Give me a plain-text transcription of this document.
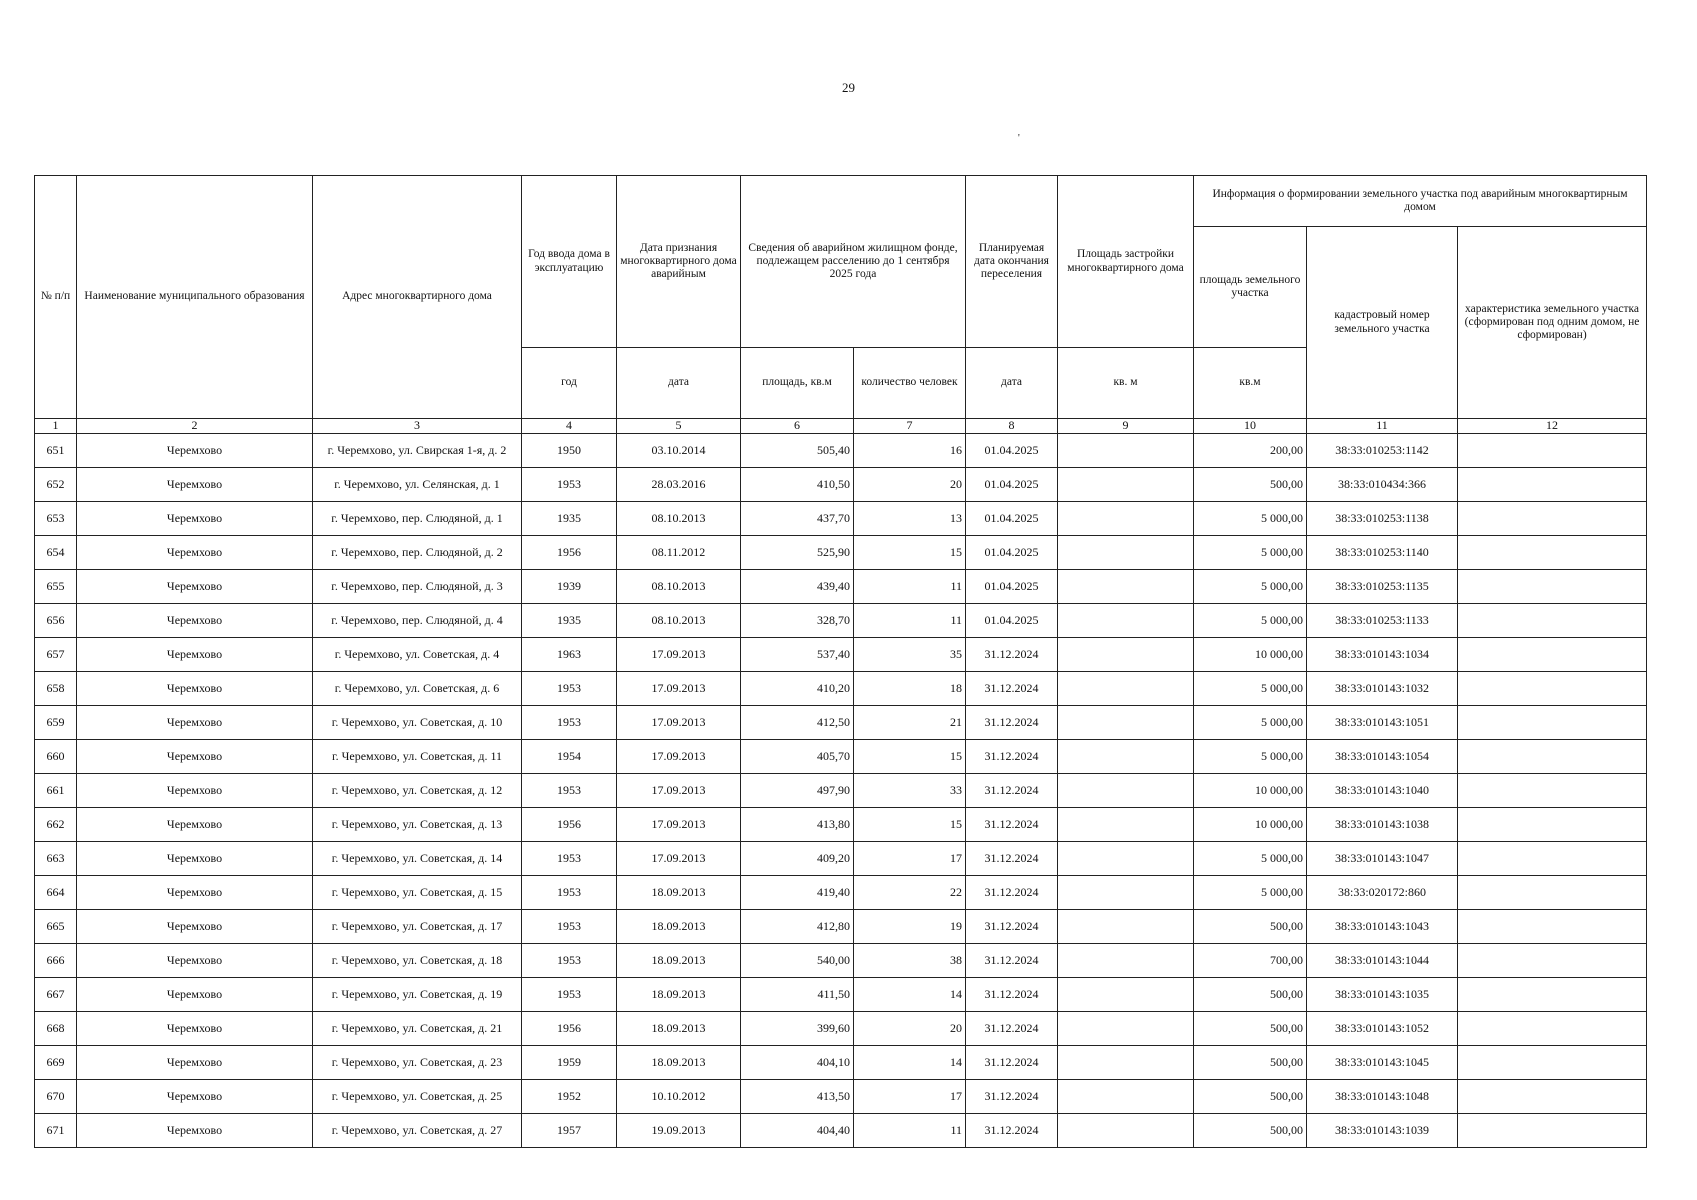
29
'
№ п/п	Наименование муниципального образования	Адрес многоквартирного дома	Год ввода дома в эксплуатацию	Дата признания многоквартирного дома аварийным	Сведения об аварийном жилищном фонде, подлежащем расселению до 1 сентября 2025 года		Планируемая дата окончания переселения	Площадь застройки многоквартирного дома	Информация о формировании земельного участка под аварийным многоквартирным домом		
									площадь земельного участка	кадастровый номер земельного участка	характеристика земельного участка (сформирован под одним домом, не сформирован)
			год	дата	площадь, кв.м	количество человек	дата	кв. м	кв.м		
1	2	3	4	5	6	7	8	9	10	11	12
651	Черемхово	г. Черемхово, ул. Свирская 1-я, д. 2	1950	03.10.2014	505,40	16	01.04.2025		200,00	38:33:010253:1142	
652	Черемхово	г. Черемхово, ул. Селянская, д. 1	1953	28.03.2016	410,50	20	01.04.2025		500,00	38:33:010434:366	
653	Черемхово	г. Черемхово, пер. Слюдяной, д. 1	1935	08.10.2013	437,70	13	01.04.2025		5 000,00	38:33:010253:1138	
654	Черемхово	г. Черемхово, пер. Слюдяной, д. 2	1956	08.11.2012	525,90	15	01.04.2025		5 000,00	38:33:010253:1140	
655	Черемхово	г. Черемхово, пер. Слюдяной, д. 3	1939	08.10.2013	439,40	11	01.04.2025		5 000,00	38:33:010253:1135	
656	Черемхово	г. Черемхово, пер. Слюдяной, д. 4	1935	08.10.2013	328,70	11	01.04.2025		5 000,00	38:33:010253:1133	
657	Черемхово	г. Черемхово, ул. Советская, д. 4	1963	17.09.2013	537,40	35	31.12.2024		10 000,00	38:33:010143:1034	
658	Черемхово	г. Черемхово, ул. Советская, д. 6	1953	17.09.2013	410,20	18	31.12.2024		5 000,00	38:33:010143:1032	
659	Черемхово	г. Черемхово, ул. Советская, д. 10	1953	17.09.2013	412,50	21	31.12.2024		5 000,00	38:33:010143:1051	
660	Черемхово	г. Черемхово, ул. Советская, д. 11	1954	17.09.2013	405,70	15	31.12.2024		5 000,00	38:33:010143:1054	
661	Черемхово	г. Черемхово, ул. Советская, д. 12	1953	17.09.2013	497,90	33	31.12.2024		10 000,00	38:33:010143:1040	
662	Черемхово	г. Черемхово, ул. Советская, д. 13	1956	17.09.2013	413,80	15	31.12.2024		10 000,00	38:33:010143:1038	
663	Черемхово	г. Черемхово, ул. Советская, д. 14	1953	17.09.2013	409,20	17	31.12.2024		5 000,00	38:33:010143:1047	
664	Черемхово	г. Черемхово, ул. Советская, д. 15	1953	18.09.2013	419,40	22	31.12.2024		5 000,00	38:33:020172:860	
665	Черемхово	г. Черемхово, ул. Советская, д. 17	1953	18.09.2013	412,80	19	31.12.2024		500,00	38:33:010143:1043	
666	Черемхово	г. Черемхово, ул. Советская, д. 18	1953	18.09.2013	540,00	38	31.12.2024		700,00	38:33:010143:1044	
667	Черемхово	г. Черемхово, ул. Советская, д. 19	1953	18.09.2013	411,50	14	31.12.2024		500,00	38:33:010143:1035	
668	Черемхово	г. Черемхово, ул. Советская, д. 21	1956	18.09.2013	399,60	20	31.12.2024		500,00	38:33:010143:1052	
669	Черемхово	г. Черемхово, ул. Советская, д. 23	1959	18.09.2013	404,10	14	31.12.2024		500,00	38:33:010143:1045	
670	Черемхово	г. Черемхово, ул. Советская, д. 25	1952	10.10.2012	413,50	17	31.12.2024		500,00	38:33:010143:1048	
671	Черемхово	г. Черемхово, ул. Советская, д. 27	1957	19.09.2013	404,40	11	31.12.2024		500,00	38:33:010143:1039	
